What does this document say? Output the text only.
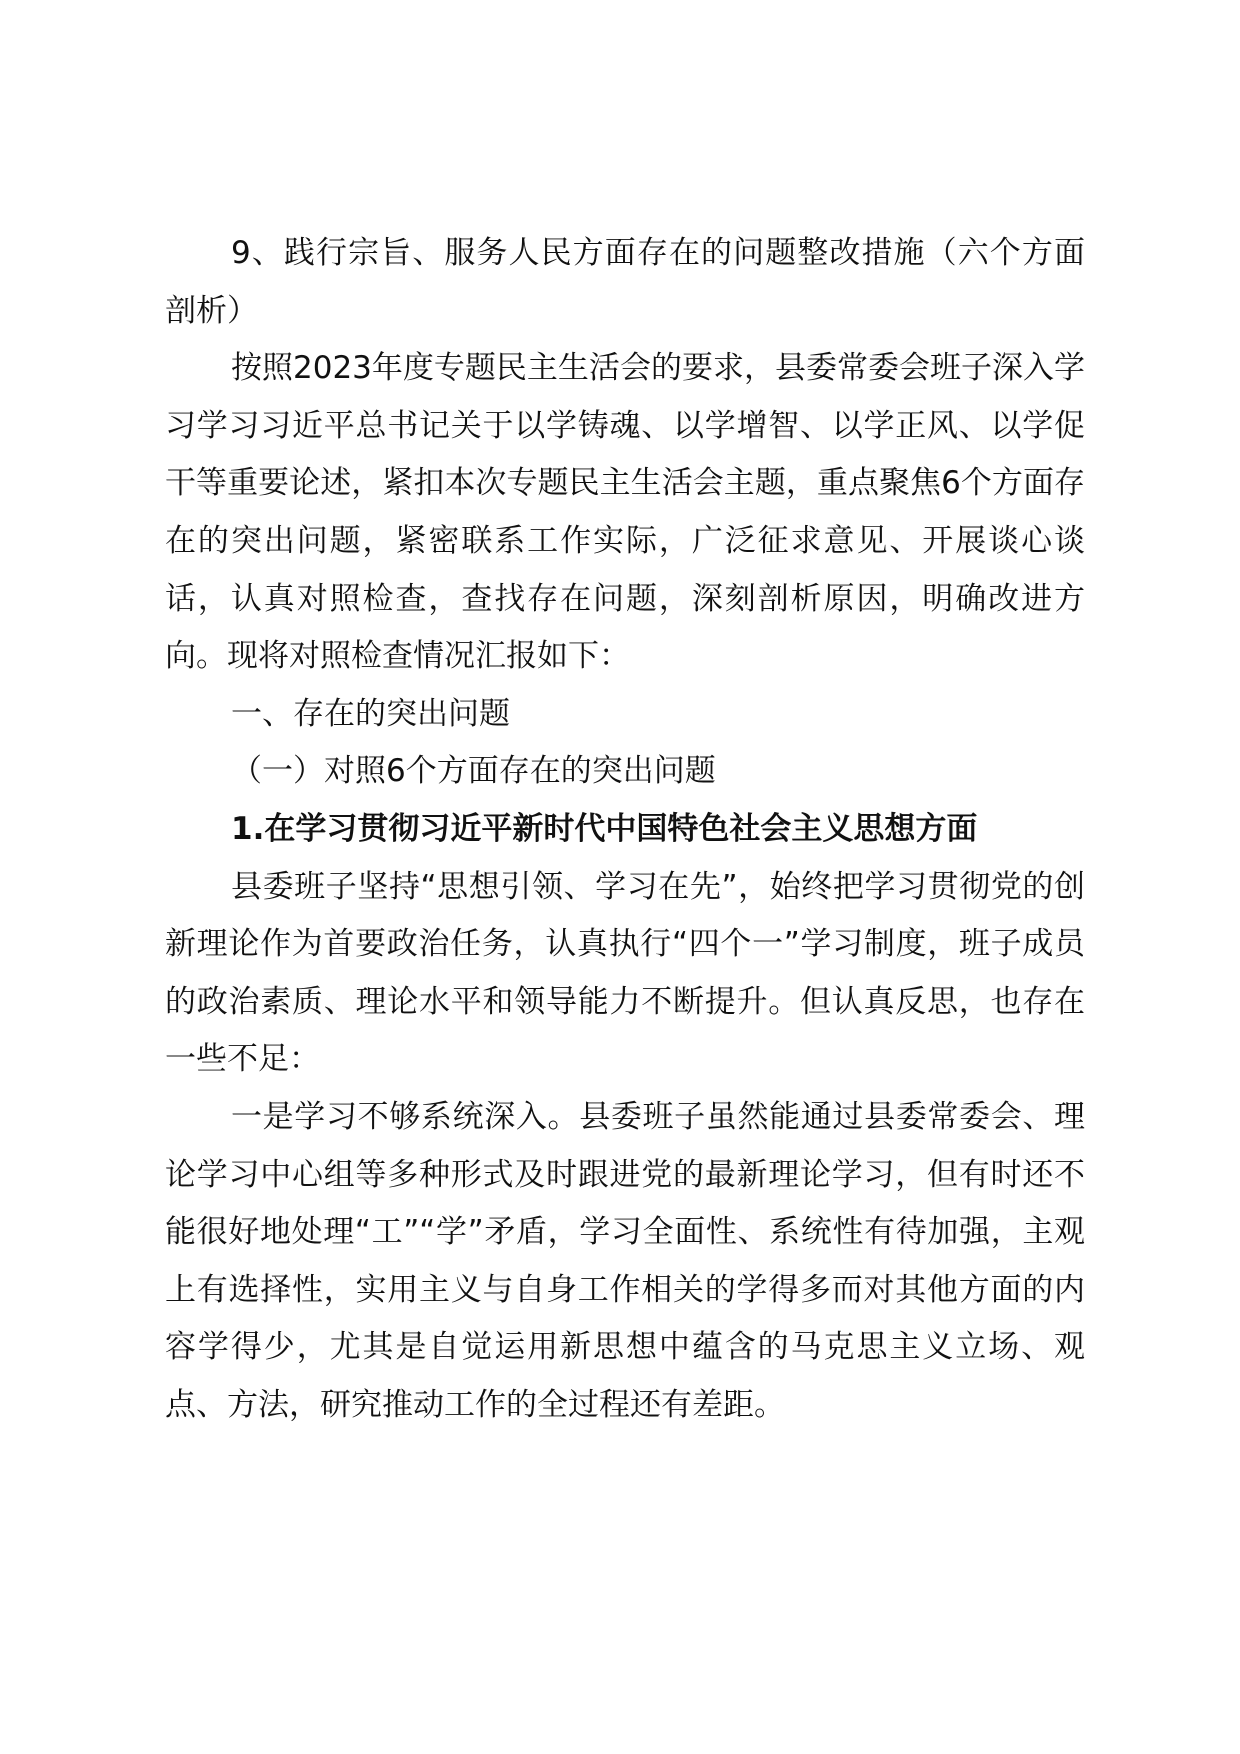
9、践行宗旨、服务人民方面存在的问题整改措施（六个方面剖析）

按照2023年度专题民主生活会的要求，县委常委会班子深入学习学习习近平总书记关于以学铸魂、以学增智、以学正风、以学促干等重要论述，紧扣本次专题民主生活会主题，重点聚焦6个方面存在的突出问题，紧密联系工作实际，广泛征求意见、开展谈心谈话，认真对照检查，查找存在问题，深刻剖析原因，明确改进方向。现将对照检查情况汇报如下：

一、存在的突出问题

（一）对照6个方面存在的突出问题

1.在学习贯彻习近平新时代中国特色社会主义思想方面

县委班子坚持“思想引领、学习在先”，始终把学习贯彻党的创新理论作为首要政治任务，认真执行“四个一”学习制度，班子成员的政治素质、理论水平和领导能力不断提升。但认真反思，也存在一些不足：

一是学习不够系统深入。县委班子虽然能通过县委常委会、理论学习中心组等多种形式及时跟进党的最新理论学习，但有时还不能很好地处理“工”“学”矛盾，学习全面性、系统性有待加强，主观上有选择性，实用主义与自身工作相关的学得多而对其他方面的内容学得少，尤其是自觉运用新思想中蕴含的马克思主义立场、观点、方法，研究推动工作的全过程还有差距。
